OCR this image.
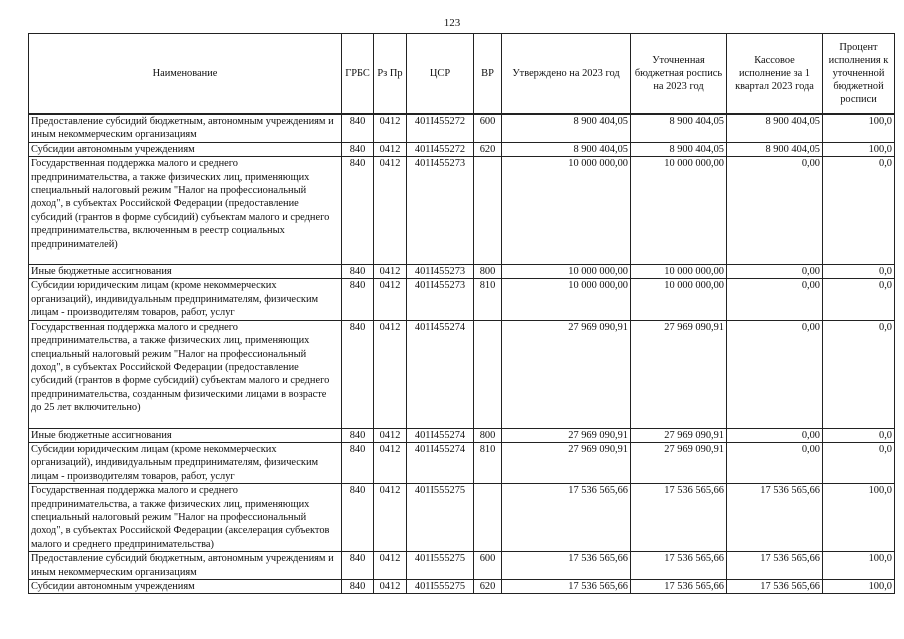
123
Наименование	ГРБС	Рз Пр	ЦСР	ВР	Утверждено на 2023 год	Уточненная бюджетная роспись на 2023 год	Кассовое исполнение за 1 квартал 2023 года	Процент исполнения к уточненной бюджетной росписи
Предоставление субсидий бюджетным, автономным учреждениям и иным некоммерческим организациям	840	0412	401I455272	600	8 900 404,05	8 900 404,05	8 900 404,05	100,0
Субсидии автономным учреждениям	840	0412	401I455272	620	8 900 404,05	8 900 404,05	8 900 404,05	100,0
Государственная поддержка малого и среднего предпринимательства, а также физических лиц, применяющих специальный налоговый режим "Налог на профессиональный доход", в субъектах Российской Федерации (предоставление субсидий (грантов в форме субсидий) субъектам малого и среднего предпринимательства, включенным в реестр социальных предпринимателей)	840	0412	401I455273		10 000 000,00	10 000 000,00	0,00	0,0
Иные бюджетные ассигнования	840	0412	401I455273	800	10 000 000,00	10 000 000,00	0,00	0,0
Субсидии юридическим лицам (кроме некоммерческих организаций), индивидуальным предпринимателям, физическим лицам - производителям товаров, работ, услуг	840	0412	401I455273	810	10 000 000,00	10 000 000,00	0,00	0,0
Государственная поддержка малого и среднего предпринимательства, а также физических лиц, применяющих специальный налоговый режим "Налог на профессиональный доход", в субъектах Российской Федерации (предоставление субсидий (грантов в форме субсидий) субъектам малого и среднего предпринимательства, созданным физическими лицами в возрасте до 25 лет включительно)	840	0412	401I455274		27 969 090,91	27 969 090,91	0,00	0,0
Иные бюджетные ассигнования	840	0412	401I455274	800	27 969 090,91	27 969 090,91	0,00	0,0
Субсидии юридическим лицам (кроме некоммерческих организаций), индивидуальным предпринимателям, физическим лицам - производителям товаров, работ, услуг	840	0412	401I455274	810	27 969 090,91	27 969 090,91	0,00	0,0
Государственная поддержка малого и среднего предпринимательства, а также физических лиц, применяющих специальный налоговый режим "Налог на профессиональный доход", в субъектах Российской Федерации (акселерация субъектов малого и среднего предпринимательства)	840	0412	401I555275		17 536 565,66	17 536 565,66	17 536 565,66	100,0
Предоставление субсидий бюджетным, автономным учреждениям и иным некоммерческим организациям	840	0412	401I555275	600	17 536 565,66	17 536 565,66	17 536 565,66	100,0
Субсидии автономным учреждениям	840	0412	401I555275	620	17 536 565,66	17 536 565,66	17 536 565,66	100,0
